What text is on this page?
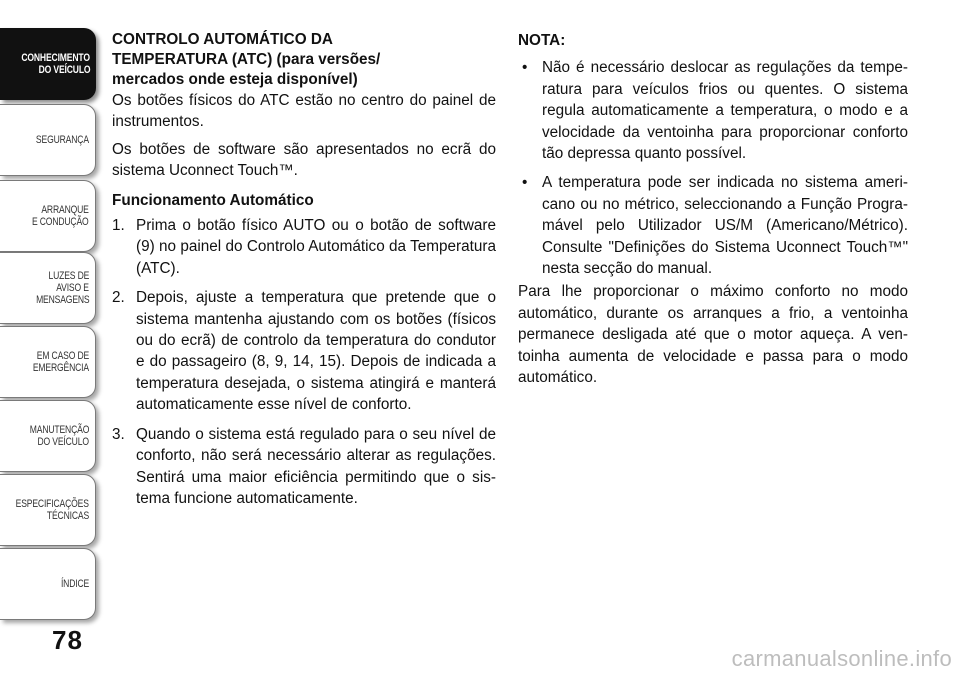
CONHECIMENTO
DO VEÍCULO
SEGURANÇA
ARRANQUE
E CONDUÇÃO
LUZES DE
AVISO E
MENSAGENS
EM CASO DE
EMERGÊNCIA
MANUTENÇÃO
DO VEÍCULO
ESPECIFICAÇÕES
TÉCNICAS
ÍNDICE
78
CONTROLO AUTOMÁTICO DA
TEMPERATURA (ATC) (para versões/
mercados onde esteja disponível)

Os botões físicos do ATC estão no centro do painel de instrumentos.

Os botões de software são apresentados no ecrã do sistema Uconnect Touch™.

Funcionamento Automático
1. Prima o botão físico AUTO ou o botão de software (9) no painel do Controlo Automático da Temperatura (ATC).
2. Depois, ajuste a temperatura que pretende que o sistema mantenha ajustando com os botões (físicos ou do ecrã) de controlo da temperatura do condutor e do passageiro (8, 9, 14, 15). Depois de indicada a temperatura desejada, o sistema atingirá e manterá automaticamente esse nível de conforto.
3. Quando o sistema está regulado para o seu nível de conforto, não será necessário alterar as regulações. Sentirá uma maior eficiência permitindo que o sistema funcione automaticamente.
NOTA:
• Não é necessário deslocar as regulações da temperatura para veículos frios ou quentes. O sistema regula automaticamente a temperatura, o modo e a velocidade da ventoinha para proporcionar conforto tão depressa quanto possível.
• A temperatura pode ser indicada no sistema americano ou no métrico, seleccionando a Função Programável pelo Utilizador US/M (Americano/Métrico). Consulte "Definições do Sistema Uconnect Touch™" nesta secção do manual.

Para lhe proporcionar o máximo conforto no modo automático, durante os arranques a frio, a ventoinha permanece desligada até que o motor aqueça. A ventoinha aumenta de velocidade e passa para o modo automático.

carmanualsonline.info
